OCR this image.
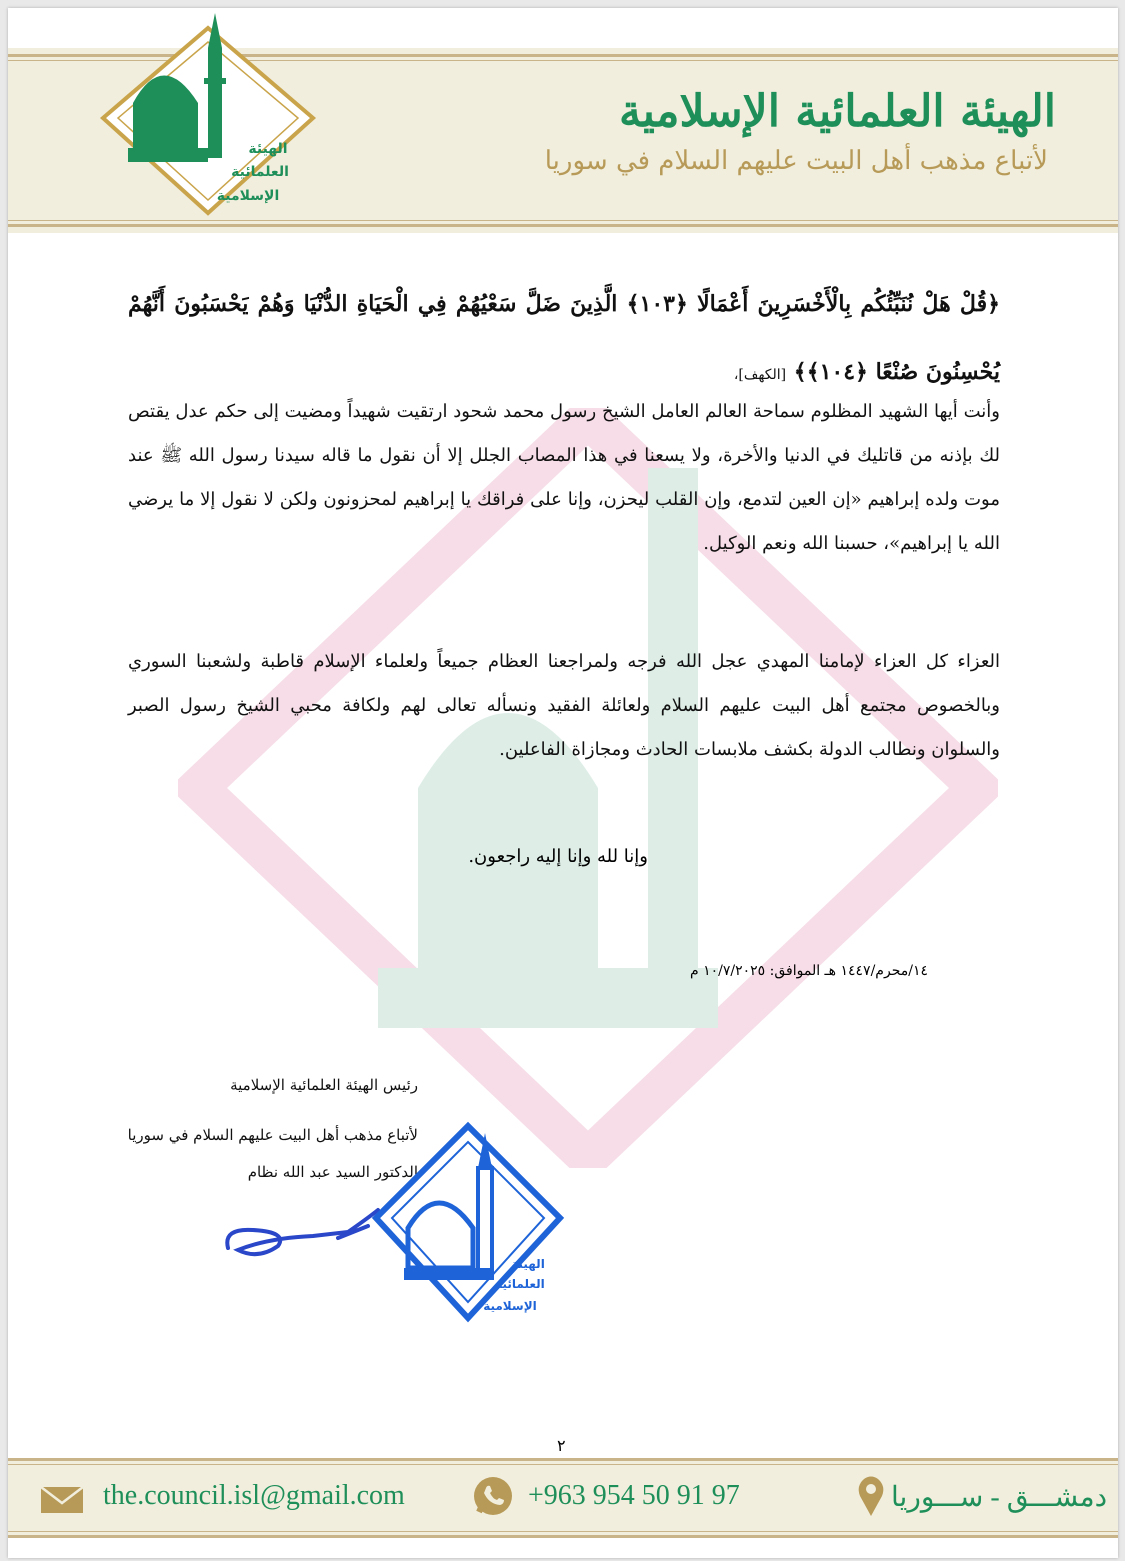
الهيئة العلمائية الإسلامية
لأتباع مذهب أهل البيت عليهم السلام في سوريا
الهيئة
العلمائية
الإسلامية
﴿قُلْ هَلْ نُنَبِّئُكُم بِالْأَخْسَرِينَ أَعْمَالًا ﴿١٠٣﴾ الَّذِينَ ضَلَّ سَعْيُهُمْ فِي الْحَيَاةِ الدُّنْيَا وَهُمْ يَحْسَبُونَ أَنَّهُمْ يُحْسِنُونَ صُنْعًا ﴿١٠٤﴾﴾ [الكهف]،
وأنت أيها الشهيد المظلوم سماحة العالم العامل الشيخ رسول محمد شحود ارتقيت شهيداً ومضيت إلى حكم عدل يقتص لك بإذنه من قاتليك في الدنيا والأخرة، ولا يسعنا في هذا المصاب الجلل إلا أن نقول ما قاله سيدنا رسول الله ﷺ عند موت ولده إبراهيم «إن العين لتدمع، وإن القلب ليحزن، وإنا على فراقك يا إبراهيم لمحزونون ولكن لا نقول إلا ما يرضي الله يا إبراهيم»، حسبنا الله ونعم الوكيل.
العزاء كل العزاء لإمامنا المهدي عجل الله فرجه ولمراجعنا العظام جميعاً ولعلماء الإسلام قاطبة ولشعبنا السوري وبالخصوص مجتمع أهل البيت عليهم السلام ولعائلة الفقيد ونسأله تعالى لهم ولكافة محبي الشيخ رسول الصبر والسلوان ونطالب الدولة بكشف ملابسات الحادث ومجازاة الفاعلين.
وإنا لله وإنا إليه راجعون.
١٤/محرم/١٤٤٧ هـ الموافق: ١٠/٧/٢٠٢٥ م
رئيس الهيئة العلمائية الإسلامية
لأتباع مذهب أهل البيت عليهم السلام في سوريا
الدكتور السيد عبد الله نظام
الهيئة
العلمائية
الإسلامية
٢
the.council.isl@gmail.com	+963 954 50 91 97	دمشـــق - ســـوريا
